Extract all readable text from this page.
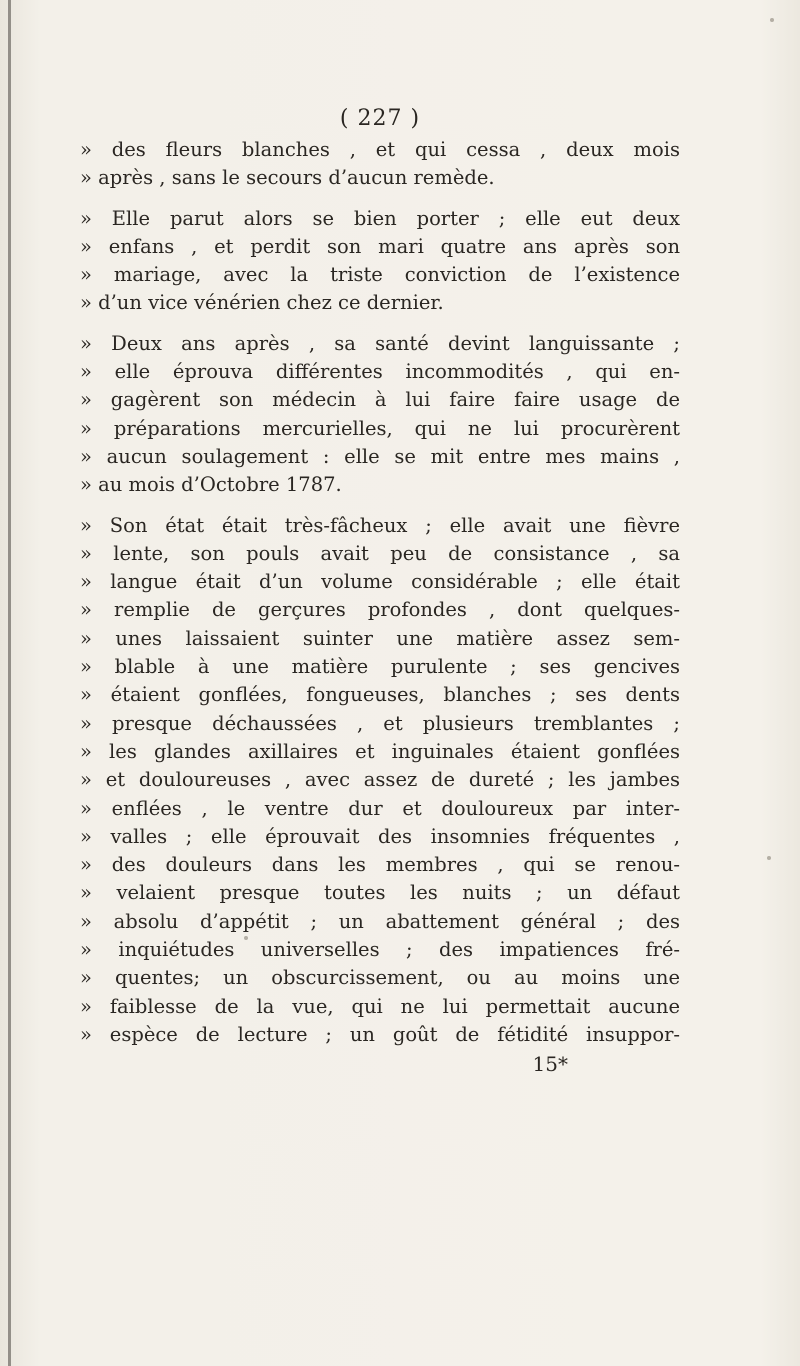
( 227 )
» des fleurs blanches , et qui cessa , deux mois
» après , sans le secours d’aucun remède.
» Elle parut alors se bien porter ; elle eut deux
» enfans , et perdit son mari quatre ans après son
» mariage, avec la triste conviction de l’existence
» d’un vice vénérien chez ce dernier.
» Deux ans après , sa santé devint languissante ;
» elle éprouva différentes incommodités , qui en-
» gagèrent son médecin à lui faire faire usage de
» préparations mercurielles, qui ne lui procurèrent
» aucun soulagement : elle se mit entre mes mains ,
» au mois d’Octobre 1787.
» Son état était très-fâcheux ; elle avait une fièvre
» lente, son pouls avait peu de consistance , sa
» langue était d’un volume considérable ; elle était
» remplie de gerçures profondes , dont quelques-
» unes laissaient suinter une matière assez sem-
» blable à une matière purulente ; ses gencives
» étaient gonflées, fongueuses, blanches ; ses dents
» presque déchaussées , et plusieurs tremblantes ;
» les glandes axillaires et inguinales étaient gonflées
» et douloureuses , avec assez de dureté ; les jambes
» enflées , le ventre dur et douloureux par inter-
» valles ; elle éprouvait des insomnies fréquentes ,
» des douleurs dans les membres , qui se renou-
» velaient presque toutes les nuits ; un défaut
» absolu d’appétit ; un abattement général ; des
» inquiétudes universelles ; des impatiences fré-
» quentes; un obscurcissement, ou au moins une
» faiblesse de la vue, qui ne lui permettait aucune
» espèce de lecture ; un goût de fétidité insuppor-
15*
